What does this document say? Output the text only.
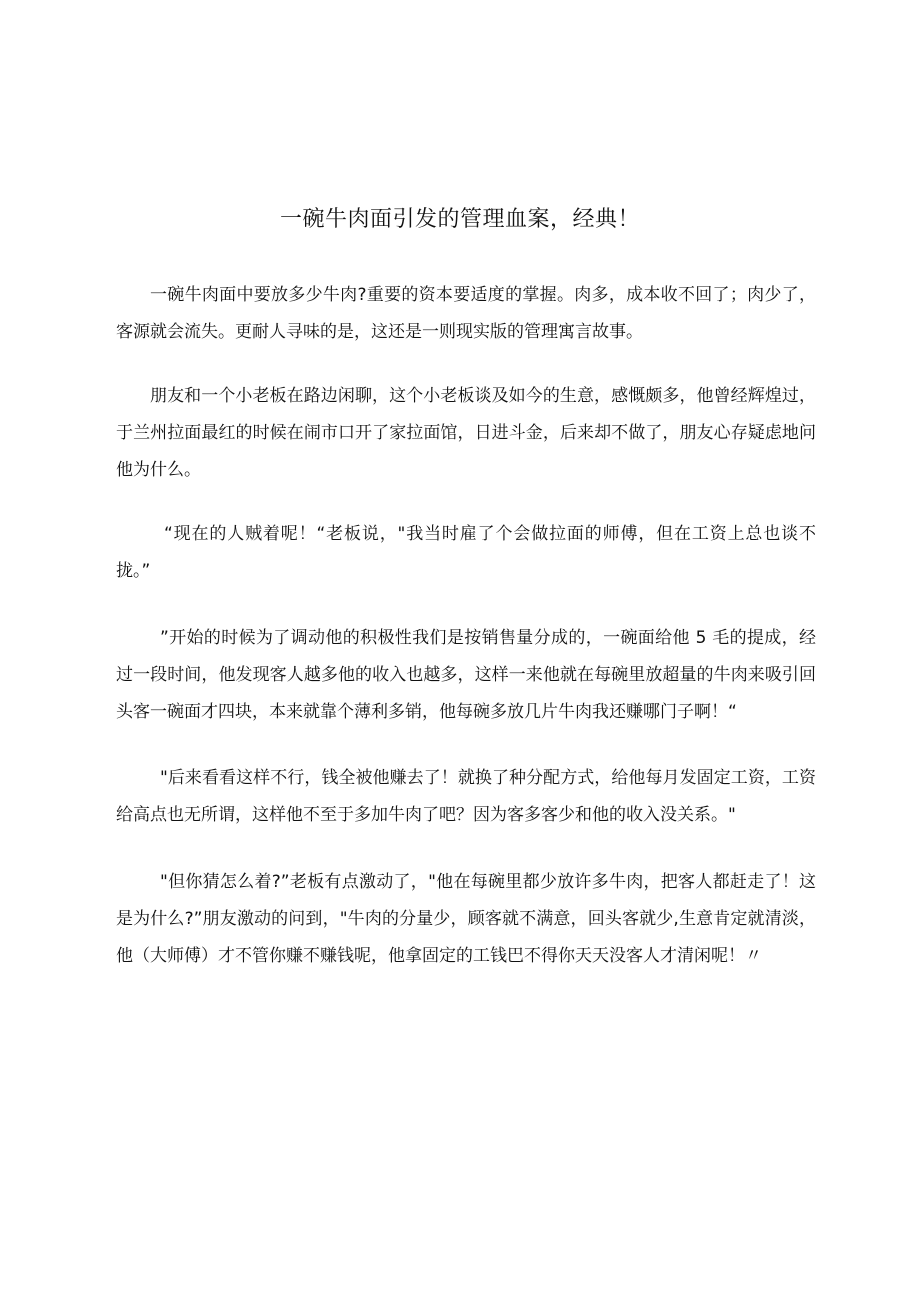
一碗牛肉面引发的管理血案，经典！

一碗牛肉面中要放多少牛肉?重要的资本要适度的掌握。肉多，成本收不回了；肉少了，客源就会流失。更耐人寻味的是，这还是一则现实版的管理寓言故事。

朋友和一个小老板在路边闲聊，这个小老板谈及如今的生意，感慨颇多，他曾经辉煌过，于兰州拉面最红的时候在闹市口开了家拉面馆，日进斗金，后来却不做了，朋友心存疑虑地问他为什么。

“现在的人贼着呢！“老板说，"我当时雇了个会做拉面的师傅，但在工资上总也谈不拢。”

”开始的时候为了调动他的积极性我们是按销售量分成的，一碗面给他 5 毛的提成，经过一段时间，他发现客人越多他的收入也越多，这样一来他就在每碗里放超量的牛肉来吸引回头客一碗面才四块，本来就靠个薄利多销，他每碗多放几片牛肉我还赚哪门子啊！“

"后来看看这样不行，钱全被他赚去了！就换了种分配方式，给他每月发固定工资，工资给高点也无所谓，这样他不至于多加牛肉了吧？因为客多客少和他的收入没关系。"

"但你猜怎么着?”老板有点激动了，"他在每碗里都少放许多牛肉，把客人都赶走了！这是为什么?”朋友激动的问到，"牛肉的分量少，顾客就不满意，回头客就少,生意肯定就清淡，他（大师傅）才不管你赚不赚钱呢，他拿固定的工钱巴不得你天天没客人才清闲呢！〃
